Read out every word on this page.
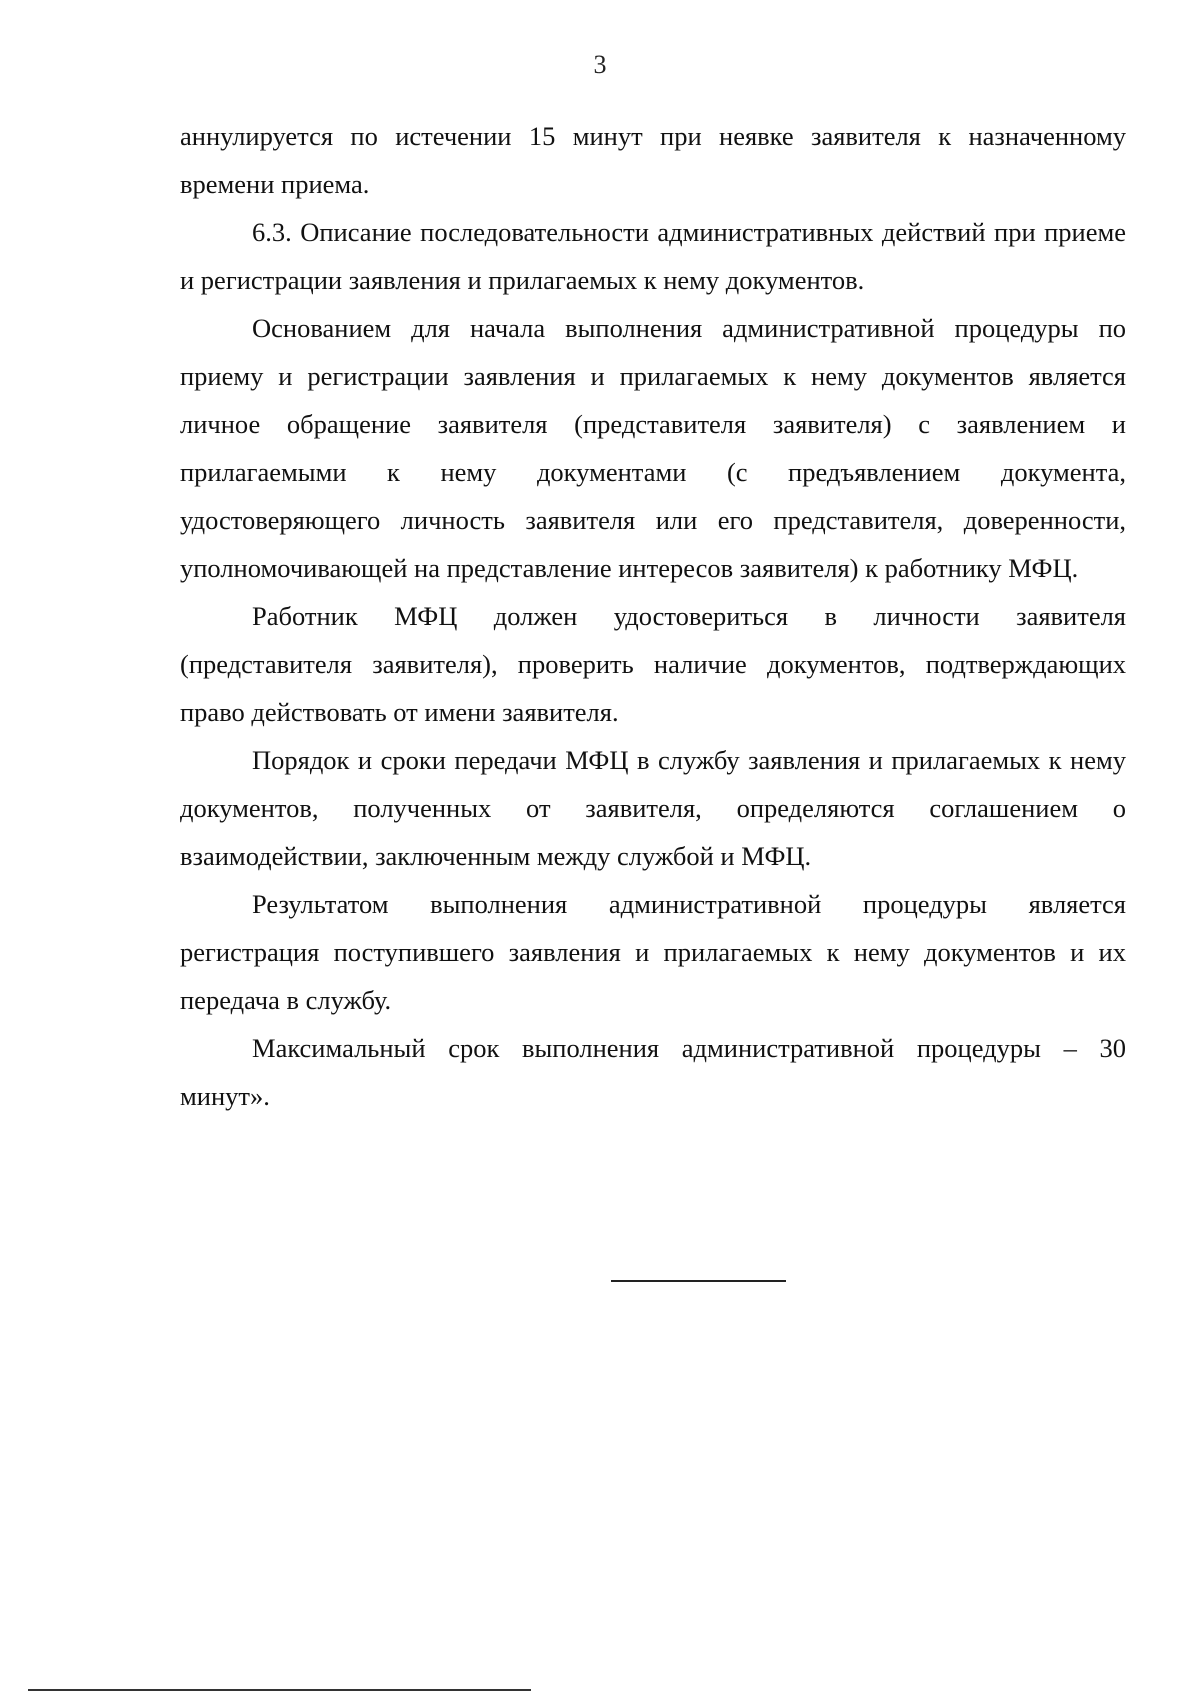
3

аннулируется по истечении 15 минут при неявке заявителя к назначенному времени приема.

6.3. Описание последовательности административных действий при приеме и регистрации заявления и прилагаемых к нему документов.

Основанием для начала выполнения административной процедуры по приему и регистрации заявления и прилагаемых к нему документов является личное обращение заявителя (представителя заявителя) с заявлением и прилагаемыми к нему документами (с предъявлением документа, удостоверяющего личность заявителя или его представителя, доверенности, уполномочивающей на представление интересов заявителя) к работнику МФЦ.

Работник МФЦ должен удостовериться в личности заявителя (представителя заявителя), проверить наличие документов, подтверждающих право действовать от имени заявителя.

Порядок и сроки передачи МФЦ в службу заявления и прилагаемых к нему документов, полученных от заявителя, определяются соглашением о взаимодействии, заключенным между службой и МФЦ.

Результатом выполнения административной процедуры является регистрация поступившего заявления и прилагаемых к нему документов и их передача в службу.

Максимальный срок выполнения административной процедуры – 30 минут».
